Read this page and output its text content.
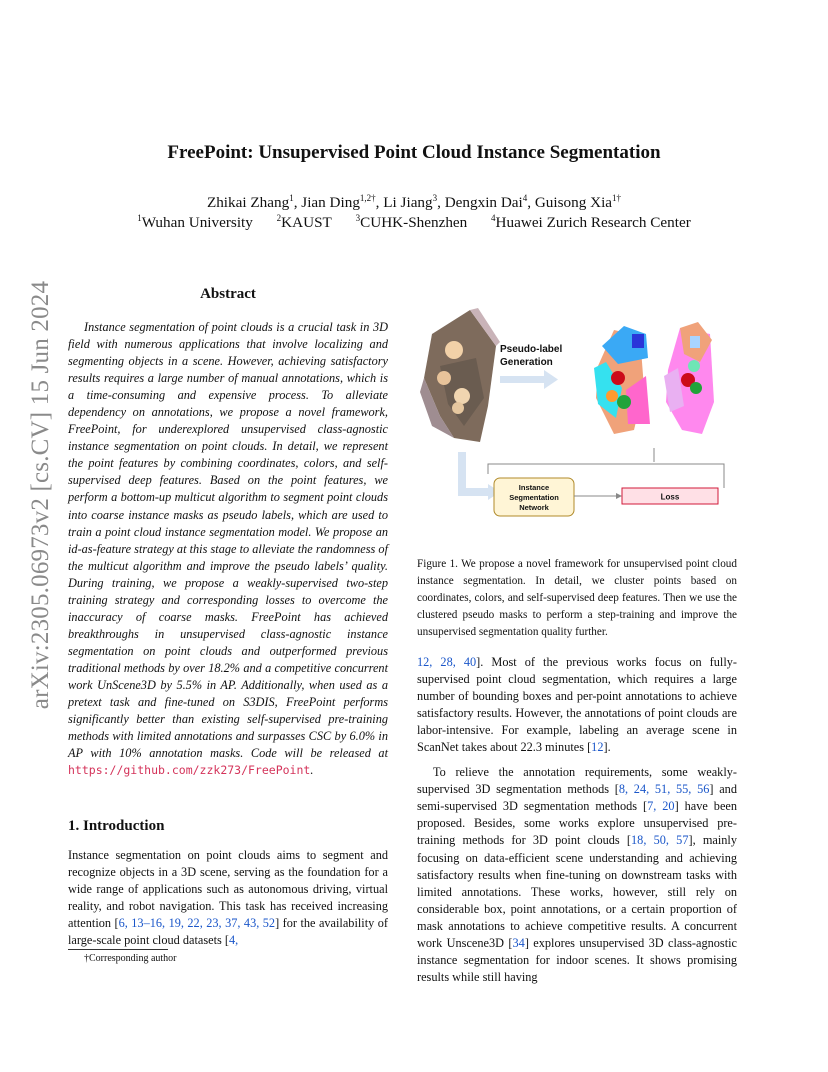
arXiv:2305.06973v2 [cs.CV] 15 Jun 2024
FreePoint: Unsupervised Point Cloud Instance Segmentation
Zhikai Zhang$^1$, Jian Ding$^{1,2\dagger}$, Li Jiang$^3$, Dengxin Dai$^4$, Guisong Xia$^{1\dagger}$
$^1$Wuhan University	$^2$KAUST	$^3$CUHK-Shenzhen	$^4$Huawei Zurich Research Center
Abstract

Instance segmentation of point clouds is a crucial task in 3D field with numerous applications that involve localizing and segmenting objects in a scene. However, achieving satisfactory results requires a large number of manual annotations, which is a time-consuming and expensive process. To alleviate dependency on annotations, we propose a novel framework, FreePoint, for underexplored unsupervised class-agnostic instance segmentation on point clouds. In detail, we represent the point features by combining coordinates, colors, and self-supervised deep features. Based on the point features, we perform a bottom-up multicut algorithm to segment point clouds into coarse instance masks as pseudo labels, which are used to train a point cloud instance segmentation model. We propose an id-as-feature strategy at this stage to alleviate the randomness of the multicut algorithm and improve the pseudo labels’ quality. During training, we propose a weakly-supervised two-step training strategy and corresponding losses to overcome the inaccuracy of coarse masks. FreePoint has achieved breakthroughs in unsupervised class-agnostic instance segmentation on point clouds and outperformed previous traditional methods by over 18.2% and a competitive concurrent work UnScene3D by 5.5% in AP. Additionally, when used as a pretext task and fine-tuned on S3DIS, FreePoint performs significantly better than existing self-supervised pre-training methods with limited annotations and surpasses CSC by 6.0% in AP with 10% annotation masks. Code will be released at https://github.com/zzk273/FreePoint.

1. Introduction

Instance segmentation on point clouds aims to segment and recognize objects in a 3D scene, serving as the foundation for a wide range of applications such as autonomous driving, virtual reality, and robot navigation. This task has received increasing attention [6, 13–16, 19, 22, 23, 37, 43, 52] for the availability of large-scale point cloud datasets [4,

†Corresponding author
Pseudo-label
Generation
Instance
Segmentation
Network
Loss

Figure 1. We propose a novel framework for unsupervised point cloud instance segmentation. In detail, we cluster points based on coordinates, colors, and self-supervised deep features. Then we use the clustered pseudo masks to perform a step-training and improve the unsupervised segmentation quality further.

12, 28, 40]. Most of the previous works focus on fully-supervised point cloud segmentation, which requires a large number of bounding boxes and per-point annotations to achieve satisfactory results. However, the annotations of point clouds are labor-intensive. For example, labeling an average scene in ScanNet takes about 22.3 minutes [12].

To relieve the annotation requirements, some weakly-supervised 3D segmentation methods [8, 24, 51, 55, 56] and semi-supervised 3D segmentation methods [7, 20] have been proposed. Besides, some works explore unsupervised pre-training methods for 3D point clouds [18, 50, 57], mainly focusing on data-efficient scene understanding and achieving satisfactory results when fine-tuning on downstream tasks with limited annotations. These works, however, still rely on considerable box, point annotations, or a certain proportion of mask annotations to achieve competitive results. A concurrent work Unscene3D [34] explores unsupervised 3D class-agnostic instance segmentation for indoor scenes. It shows promising results while still having
